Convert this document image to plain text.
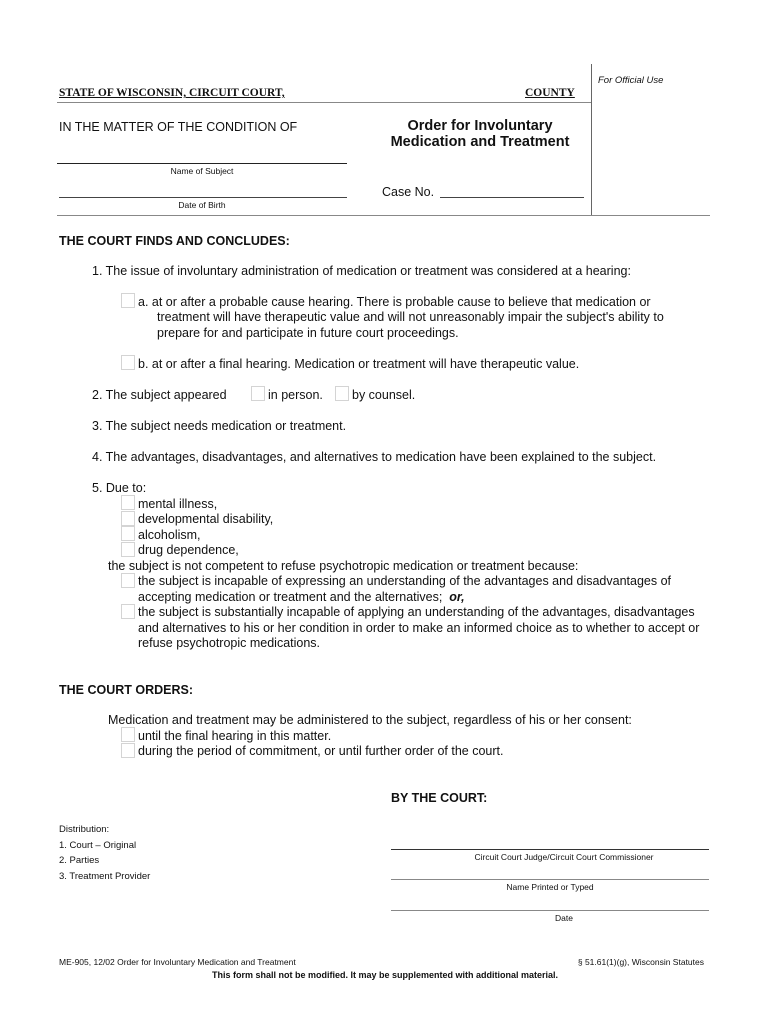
STATE OF WISCONSIN, CIRCUIT COURT,	COUNTY
For Official Use
IN THE MATTER OF THE CONDITION OF	Order for Involuntary
Medication and Treatment
Name of Subject
Date of Birth
Case No.
THE COURT FINDS AND CONCLUDES:
1. The issue of involuntary administration of medication or treatment was considered at a hearing:
a. at or after a probable cause hearing. There is probable cause to believe that medication or
treatment will have therapeutic value and will not unreasonably impair the subject's ability to
prepare for and participate in future court proceedings.
b. at or after a final hearing. Medication or treatment will have therapeutic value.
2. The subject appeared	in person. by counsel.
3. The subject needs medication or treatment.
4. The advantages, disadvantages, and alternatives to medication have been explained to the subject.
5. Due to:
mental illness,
developmental disability,
alcoholism,
drug dependence,
the subject is not competent to refuse psychotropic medication or treatment because:
the subject is incapable of expressing an understanding of the advantages and disadvantages of
accepting medication or treatment and the alternatives; or,
the subject is substantially incapable of applying an understanding of the advantages, disadvantages
and alternatives to his or her condition in order to make an informed choice as to whether to accept or
refuse psychotropic medications.
THE COURT ORDERS:
Medication and treatment may be administered to the subject, regardless of his or her consent:
until the final hearing in this matter.
during the period of commitment, or until further order of the court.
BY THE COURT:
Circuit Court Judge/Circuit Court Commissioner
Name Printed or Typed
Date
Distribution:
1. Court – Original
2. Parties
3. Treatment Provider
ME-905, 12/02 Order for Involuntary Medication and Treatment	§ 51.61(1)(g), Wisconsin Statutes
This form shall not be modified. It may be supplemented with additional material.
